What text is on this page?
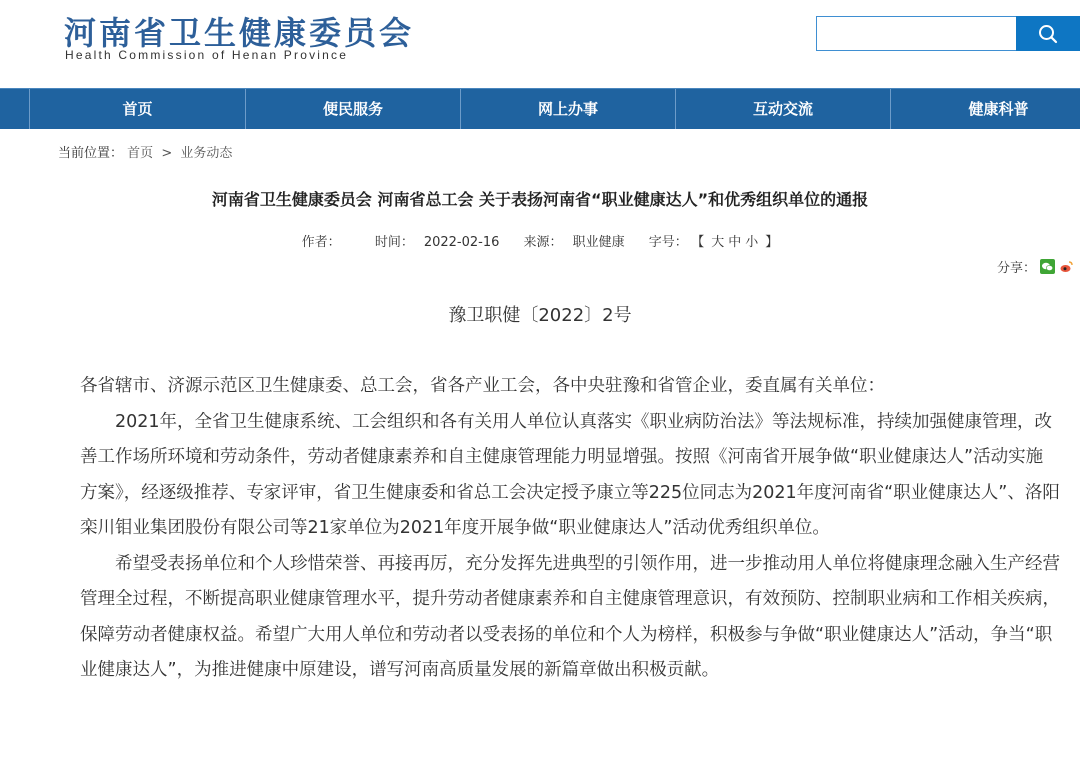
河南省卫生健康委员会
Health Commission of Henan Province
首页	便民服务	网上办事	互动交流	健康科普
当前位置： 首页 > 业务动态
河南省卫生健康委员会 河南省总工会 关于表扬河南省“职业健康达人”和优秀组织单位的通报
作者：	时间： 2022-02-16 来源： 职业健康 字号： 【 大 中 小 】
分享：
豫卫职健〔2022〕2号

各省辖市、济源示范区卫生健康委、总工会，省各产业工会，各中央驻豫和省管企业，委直属有关单位：

2021年，全省卫生健康系统、工会组织和各有关用人单位认真落实《职业病防治法》等法规标准，持续加强健康管理，改善工作场所环境和劳动条件，劳动者健康素养和自主健康管理能力明显增强。按照《河南省开展争做“职业健康达人”活动实施方案》，经逐级推荐、专家评审，省卫生健康委和省总工会决定授予康立等225位同志为2021年度河南省“职业健康达人”、洛阳栾川钼业集团股份有限公司等21家单位为2021年度开展争做“职业健康达人”活动优秀组织单位。

希望受表扬单位和个人珍惜荣誉、再接再厉，充分发挥先进典型的引领作用，进一步推动用人单位将健康理念融入生产经营管理全过程，不断提高职业健康管理水平，提升劳动者健康素养和自主健康管理意识，有效预防、控制职业病和工作相关疾病，保障劳动者健康权益。希望广大用人单位和劳动者以受表扬的单位和个人为榜样，积极参与争做“职业健康达人”活动，争当“职业健康达人”，为推进健康中原建设，谱写河南高质量发展的新篇章做出积极贡献。
